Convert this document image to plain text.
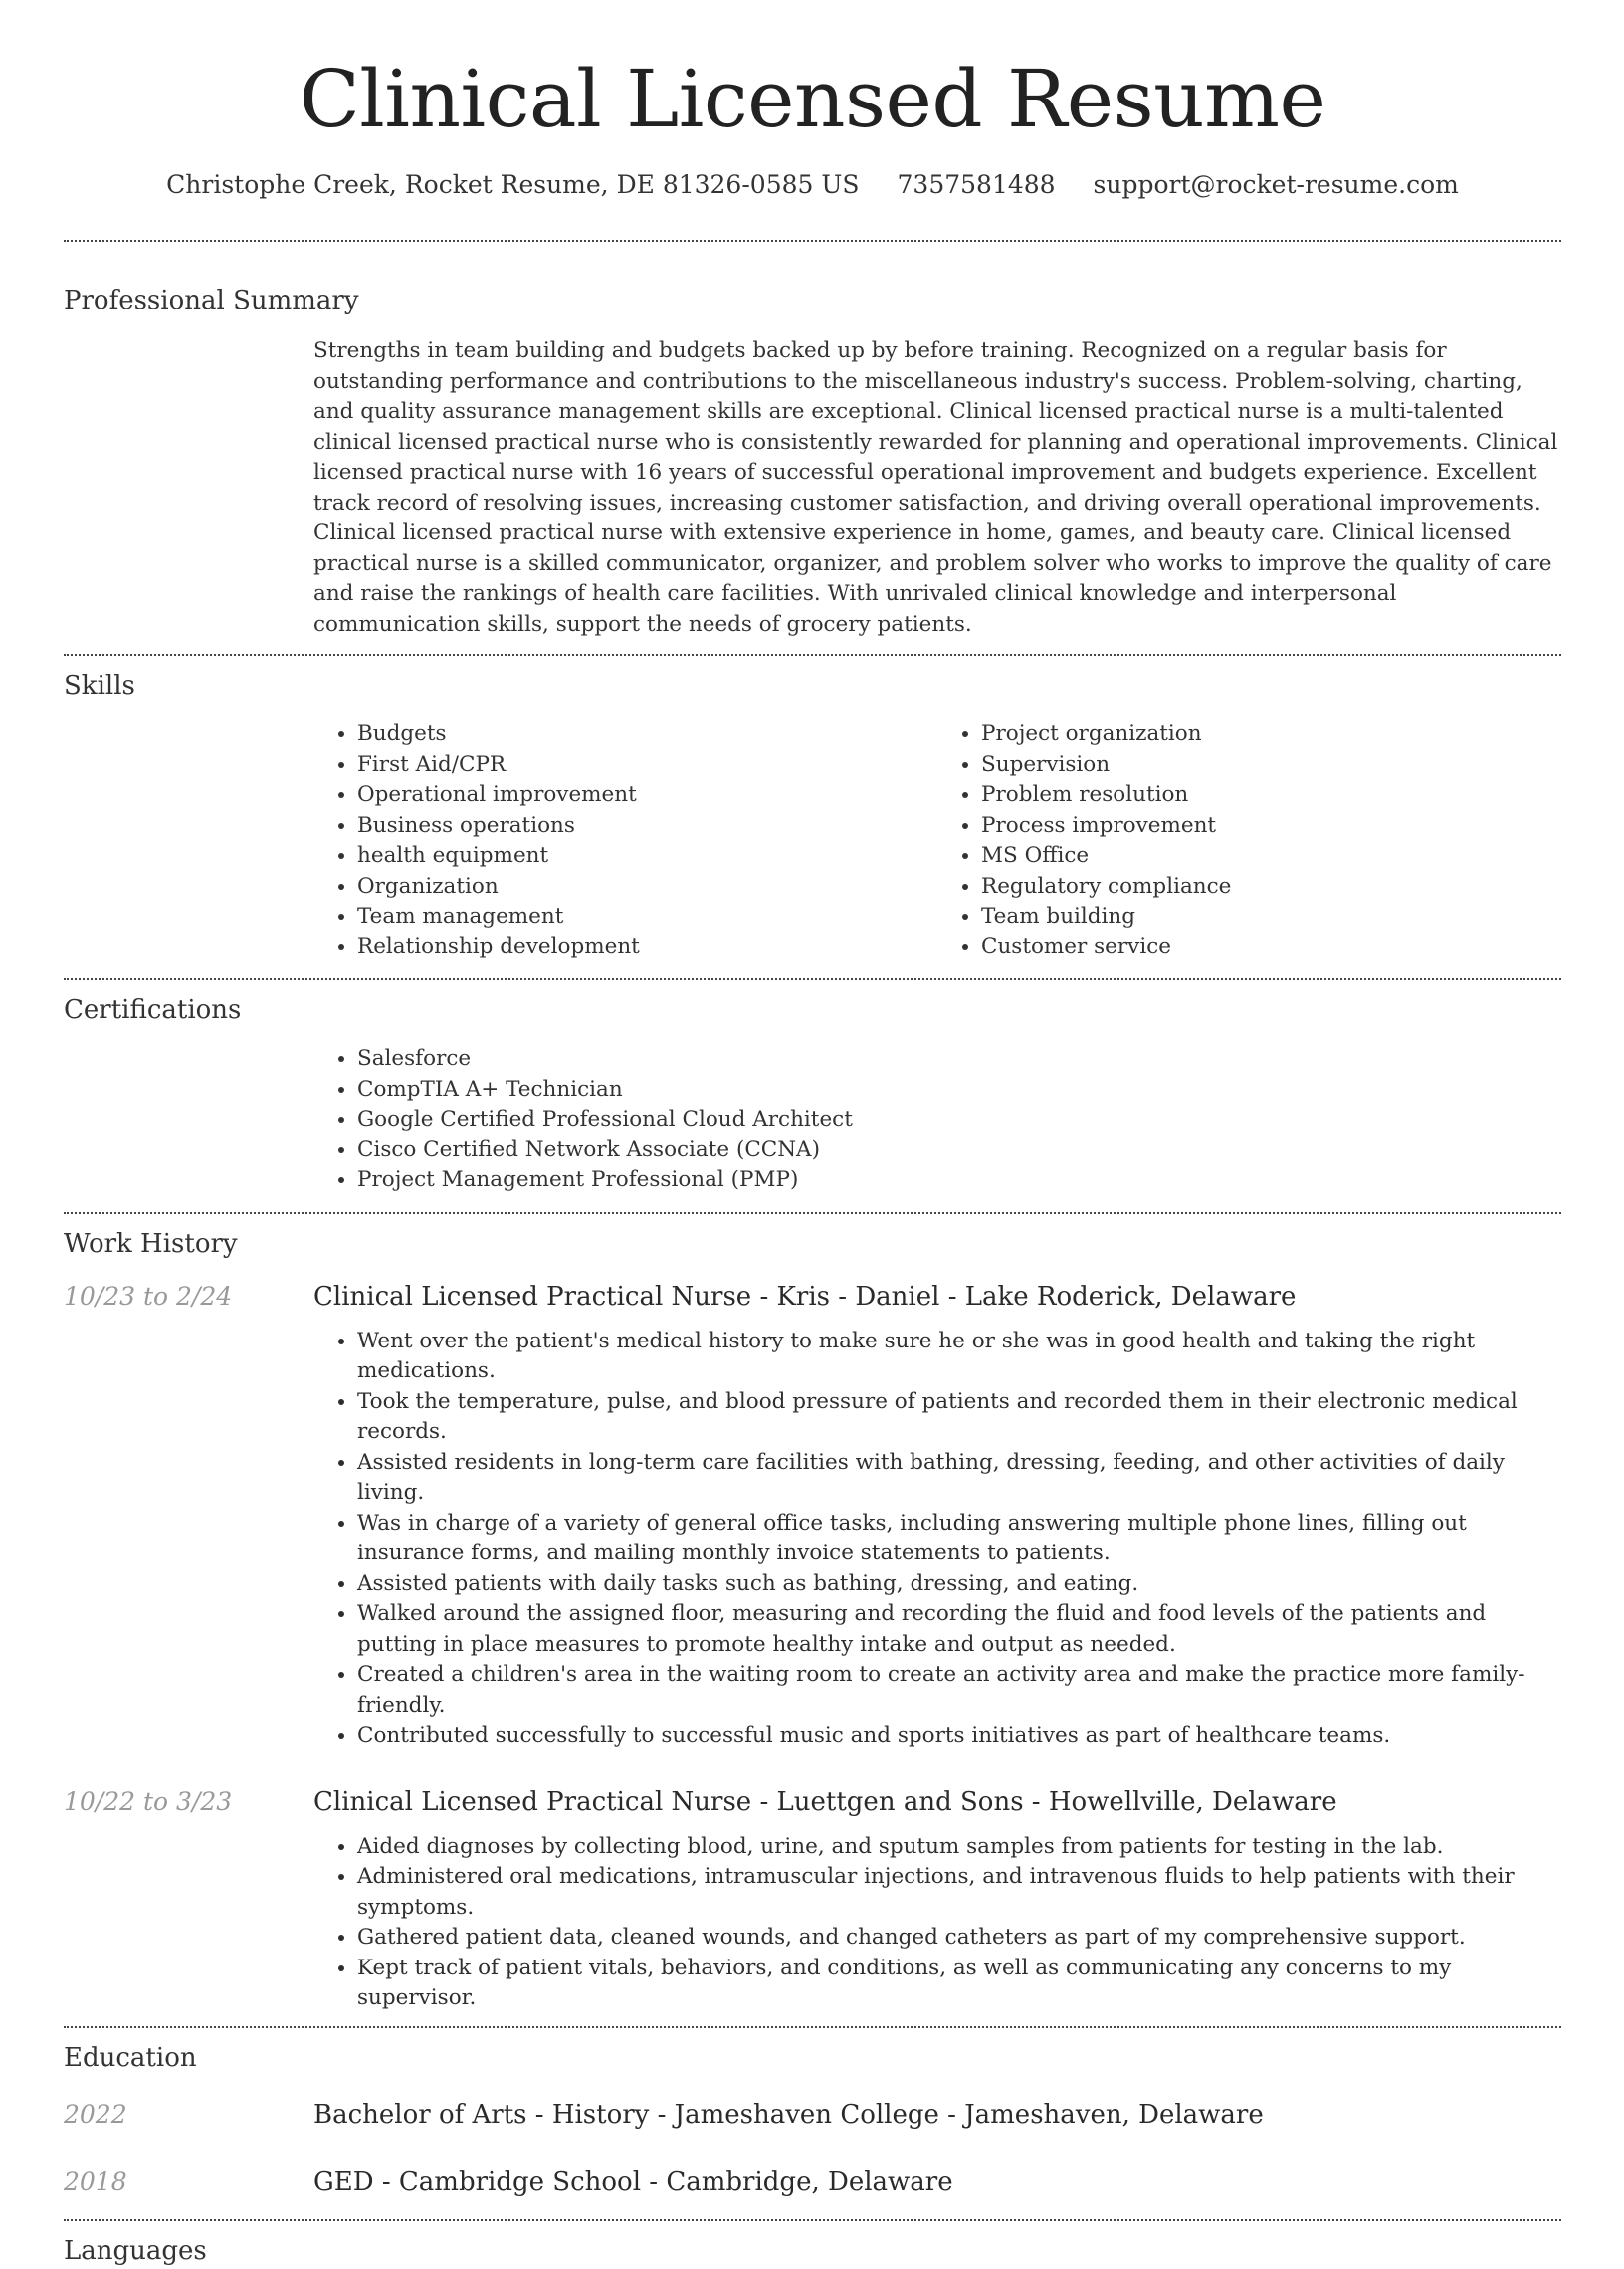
Clinical Licensed Resume
Christophe Creek, Rocket Resume, DE 81326-0585 US 7357581488 support@rocket-resume.com
Professional Summary
Strengths in team building and budgets backed up by before training. Recognized on a regular basis for outstanding performance and contributions to the miscellaneous industry's success. Problem-solving, charting, and quality assurance management skills are exceptional. Clinical licensed practical nurse is a multi-talented clinical licensed practical nurse who is consistently rewarded for planning and operational improvements. Clinical licensed practical nurse with 16 years of successful operational improvement and budgets experience. Excellent track record of resolving issues, increasing customer satisfaction, and driving overall operational improvements. Clinical licensed practical nurse with extensive experience in home, games, and beauty care. Clinical licensed practical nurse is a skilled communicator, organizer, and problem solver who works to improve the quality of care and raise the rankings of health care facilities. With unrivaled clinical knowledge and interpersonal communication skills, support the needs of grocery patients.
Skills
• Budgets
• First Aid/CPR
• Operational improvement
• Business operations
• health equipment
• Organization
• Team management
• Relationship development
• Project organization
• Supervision
• Problem resolution
• Process improvement
• MS Office
• Regulatory compliance
• Team building
• Customer service
Certifications
• Salesforce
• CompTIA A+ Technician
• Google Certified Professional Cloud Architect
• Cisco Certified Network Associate (CCNA)
• Project Management Professional (PMP)
Work History
10/23 to 2/24	Clinical Licensed Practical Nurse - Kris - Daniel - Lake Roderick, Delaware
• Went over the patient's medical history to make sure he or she was in good health and taking the right medications.
• Took the temperature, pulse, and blood pressure of patients and recorded them in their electronic medical records.
• Assisted residents in long-term care facilities with bathing, dressing, feeding, and other activities of daily living.
• Was in charge of a variety of general office tasks, including answering multiple phone lines, filling out insurance forms, and mailing monthly invoice statements to patients.
• Assisted patients with daily tasks such as bathing, dressing, and eating.
• Walked around the assigned floor, measuring and recording the fluid and food levels of the patients and putting in place measures to promote healthy intake and output as needed.
• Created a children's area in the waiting room to create an activity area and make the practice more family-friendly.
• Contributed successfully to successful music and sports initiatives as part of healthcare teams.
10/22 to 3/23	Clinical Licensed Practical Nurse - Luettgen and Sons - Howellville, Delaware
• Aided diagnoses by collecting blood, urine, and sputum samples from patients for testing in the lab.
• Administered oral medications, intramuscular injections, and intravenous fluids to help patients with their symptoms.
• Gathered patient data, cleaned wounds, and changed catheters as part of my comprehensive support.
• Kept track of patient vitals, behaviors, and conditions, as well as communicating any concerns to my supervisor.
Education
2022	Bachelor of Arts - History - Jameshaven College - Jameshaven, Delaware
2018	GED - Cambridge School - Cambridge, Delaware
Languages
